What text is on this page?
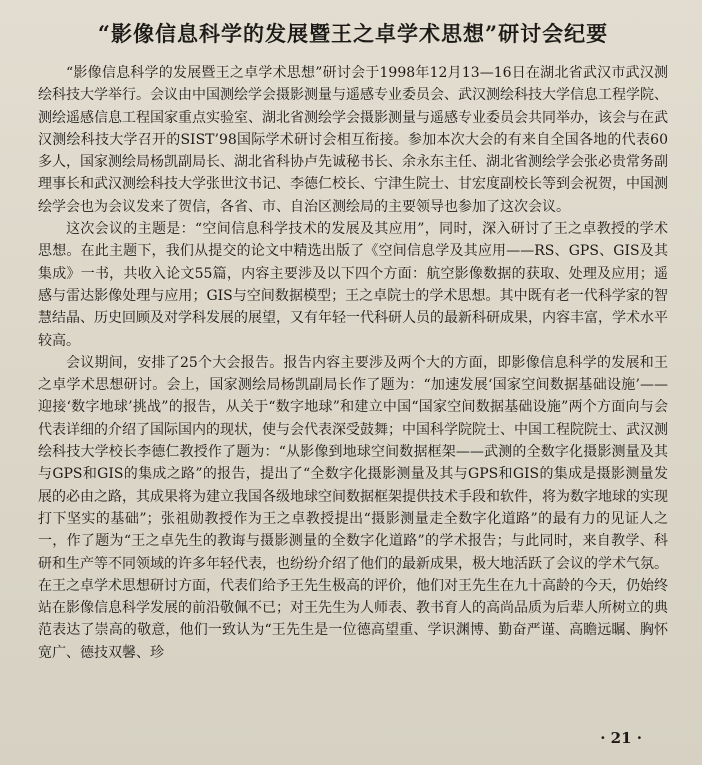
“影像信息科学的发展暨王之卓学术思想”研讨会纪要

“影像信息科学的发展暨王之卓学术思想”研讨会于1998年12月13—16日在湖北省武汉市武汉测绘科技大学举行。会议由中国测绘学会摄影测量与遥感专业委员会、武汉测绘科技大学信息工程学院、测绘遥感信息工程国家重点实验室、湖北省测绘学会摄影测量与遥感专业委员会共同举办，该会与在武汉测绘科技大学召开的SIST’98国际学术研讨会相互衔接。参加本次大会的有来自全国各地的代表60多人，国家测绘局杨凯副局长、湖北省科协卢先诚秘书长、余永东主任、湖北省测绘学会张必贵常务副理事长和武汉测绘科技大学张世汶书记、李德仁校长、宁津生院士、甘宏度副校长等到会祝贺，中国测绘学会也为会议发来了贺信，各省、市、自治区测绘局的主要领导也参加了这次会议。

这次会议的主题是：“空间信息科学技术的发展及其应用”，同时，深入研讨了王之卓教授的学术思想。在此主题下，我们从提交的论文中精选出版了《空间信息学及其应用——RS、GPS、GIS及其集成》一书，共收入论文55篇，内容主要涉及以下四个方面：航空影像数据的获取、处理及应用；遥感与雷达影像处理与应用；GIS与空间数据模型；王之卓院士的学术思想。其中既有老一代科学家的智慧结晶、历史回顾及对学科发展的展望，又有年轻一代科研人员的最新科研成果，内容丰富，学术水平较高。

会议期间，安排了25个大会报告。报告内容主要涉及两个大的方面，即影像信息科学的发展和王之卓学术思想研讨。会上，国家测绘局杨凯副局长作了题为：“加速发展‘国家空间数据基础设施’——迎接‘数字地球’挑战”的报告，从关于“数字地球”和建立中国“国家空间数据基础设施”两个方面向与会代表详细的介绍了国际国内的现状，使与会代表深受鼓舞；中国科学院院士、中国工程院院士、武汉测绘科技大学校长李德仁教授作了题为：“从影像到地球空间数据框架——武测的全数字化摄影测量及其与GPS和GIS的集成之路”的报告，提出了“全数字化摄影测量及其与GPS和GIS的集成是摄影测量发展的必由之路，其成果将为建立我国各级地球空间数据框架提供技术手段和软件，将为数字地球的实现打下坚实的基础”；张祖勋教授作为王之卓教授提出“摄影测量走全数字化道路”的最有力的见证人之一，作了题为“王之卓先生的教诲与摄影测量的全数字化道路”的学术报告；与此同时，来自教学、科研和生产等不同领域的许多年轻代表，也纷纷介绍了他们的最新成果，极大地活跃了会议的学术气氛。在王之卓学术思想研讨方面，代表们给予王先生极高的评价，他们对王先生在九十高龄的今天，仍始终站在影像信息科学发展的前沿敬佩不已；对王先生为人师表、教书育人的高尚品质为后辈人所树立的典范表达了崇高的敬意，他们一致认为“王先生是一位德高望重、学识渊博、勤奋严谨、高瞻远瞩、胸怀宽广、德技双馨、珍

· 21 ·
